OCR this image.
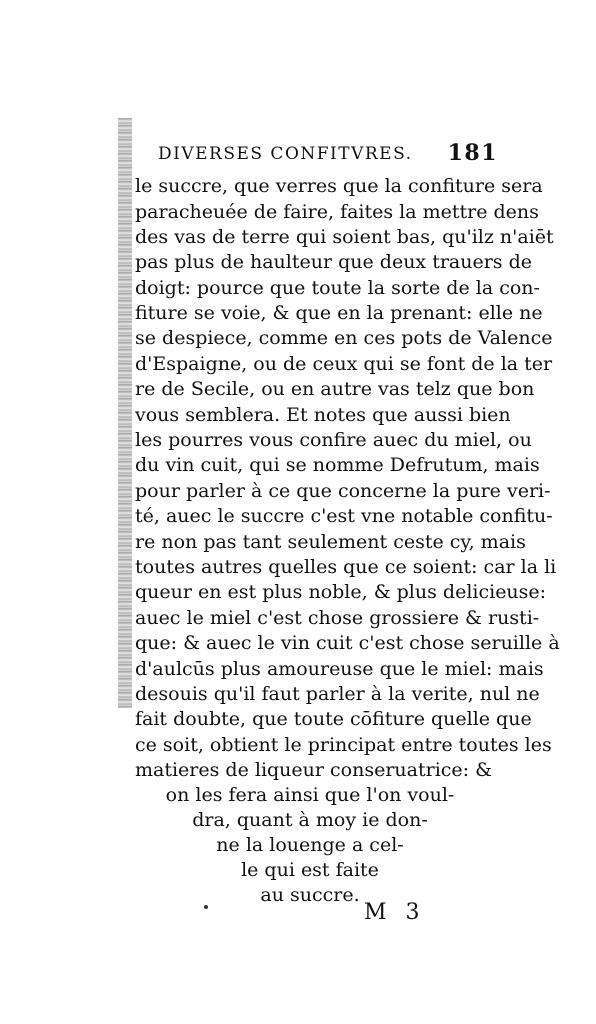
DIVERSES CONFITVRES. 181
le succre, que verres que la confiture sera
paracheuée de faire, faites la mettre dens
des vas de terre qui soient bas, qu'ilz n'aiēt
pas plus de haulteur que deux trauers de
doigt: pource que toute la sorte de la con-
fiture se voie, & que en la prenant: elle ne
se despiece, comme en ces pots de Valence
d'Espaigne, ou de ceux qui se font de la ter
re de Secile, ou en autre vas telz que bon
vous semblera. Et notes que aussi bien
les pourres vous confire auec du miel, ou
du vin cuit, qui se nomme Defrutum, mais
pour parler à ce que concerne la pure veri-
té, auec le succre c'est vne notable confitu-
re non pas tant seulement ceste cy, mais
toutes autres quelles que ce soient: car la li
queur en est plus noble, & plus delicieuse:
auec le miel c'est chose grossiere & rusti-
que: & auec le vin cuit c'est chose seruille à
d'aulcūs plus amoureuse que le miel: mais
desouis qu'il faut parler à la verite, nul ne
fait doubte, que toute cōfiture quelle que
ce soit, obtient le principat entre toutes les
matieres de liqueur conseruatrice: &
on les fera ainsi que l'on voul-
dra, quant à moy ie don-
ne la louenge a cel-
le qui est faite
au succre.
M 3
